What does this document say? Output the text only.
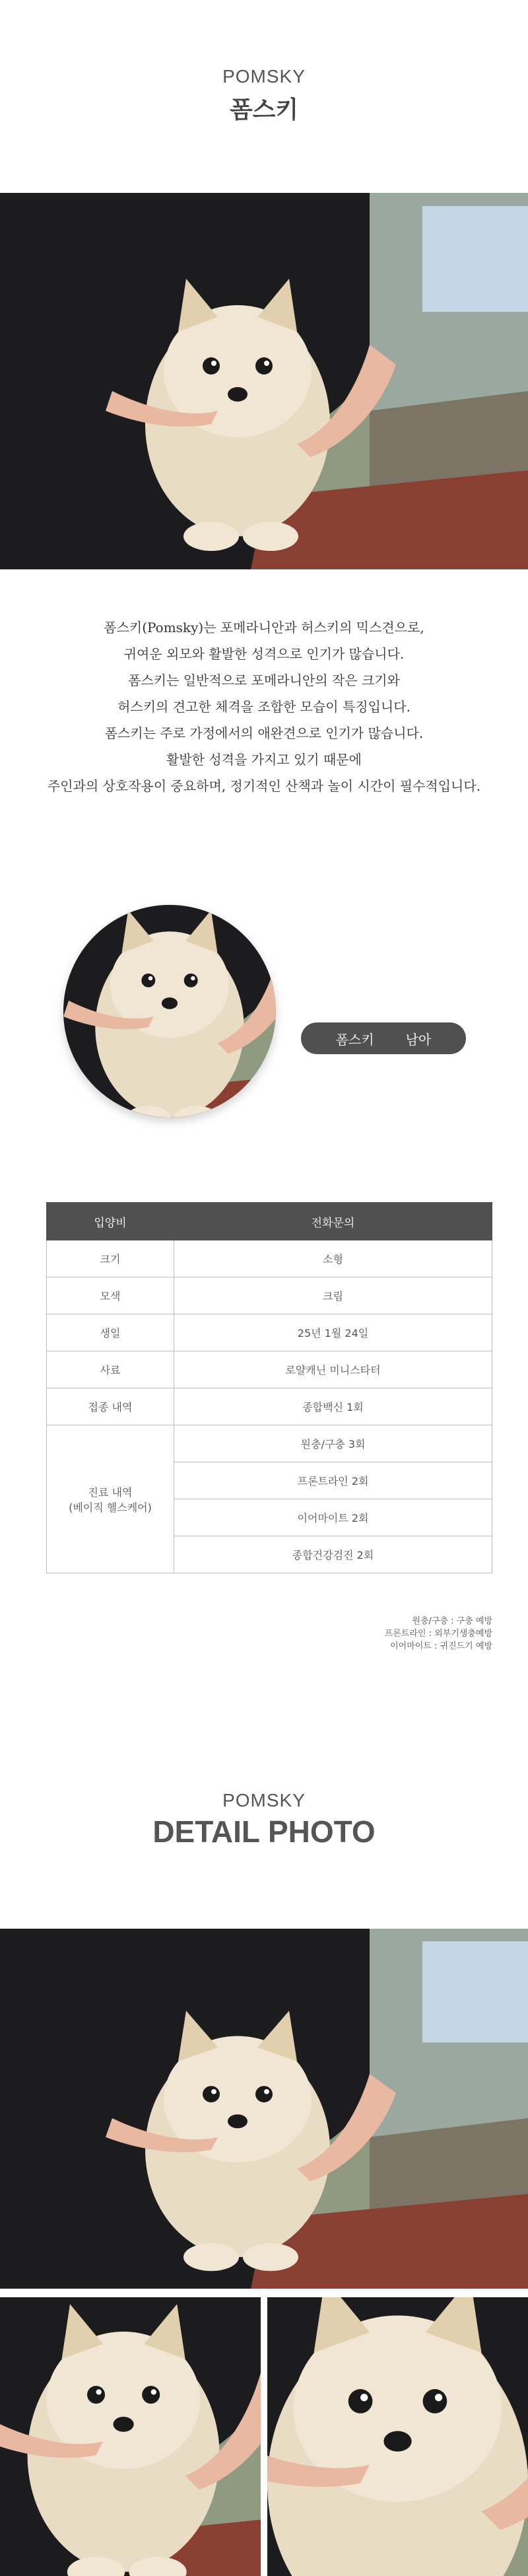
POMSKY

폼스키

폼스키(Pomsky)는 포메라니안과 허스키의 믹스견으로,

귀여운 외모와 활발한 성격으로 인기가 많습니다.

폼스키는 일반적으로 포메라니안의 작은 크기와

허스키의 견고한 체격을 조합한 모습이 특징입니다.

폼스키는 주로 가정에서의 애완견으로 인기가 많습니다.

활발한 성격을 가지고 있기 때문에

주인과의 상호작용이 중요하며, 정기적인 산책과 놀이 시간이 필수적입니다.

폼스키 남아
입양비	전화문의
크기	소형
모색	크림
생일	25년 1월 24일
사료	로얄캐닌 미니스타터
접종 내역	종합백신 1회
진료 내역
(베이직 헬스케어)	원충/구충 3회
	프론트라인 2회
	이어마이트 2회
	종합건강검진 2회

원충/구충 : 구충 예방

프론트라인 : 외부기생충예방

이어마이트 : 귀진드기 예방

POMSKY

DETAIL PHOTO
